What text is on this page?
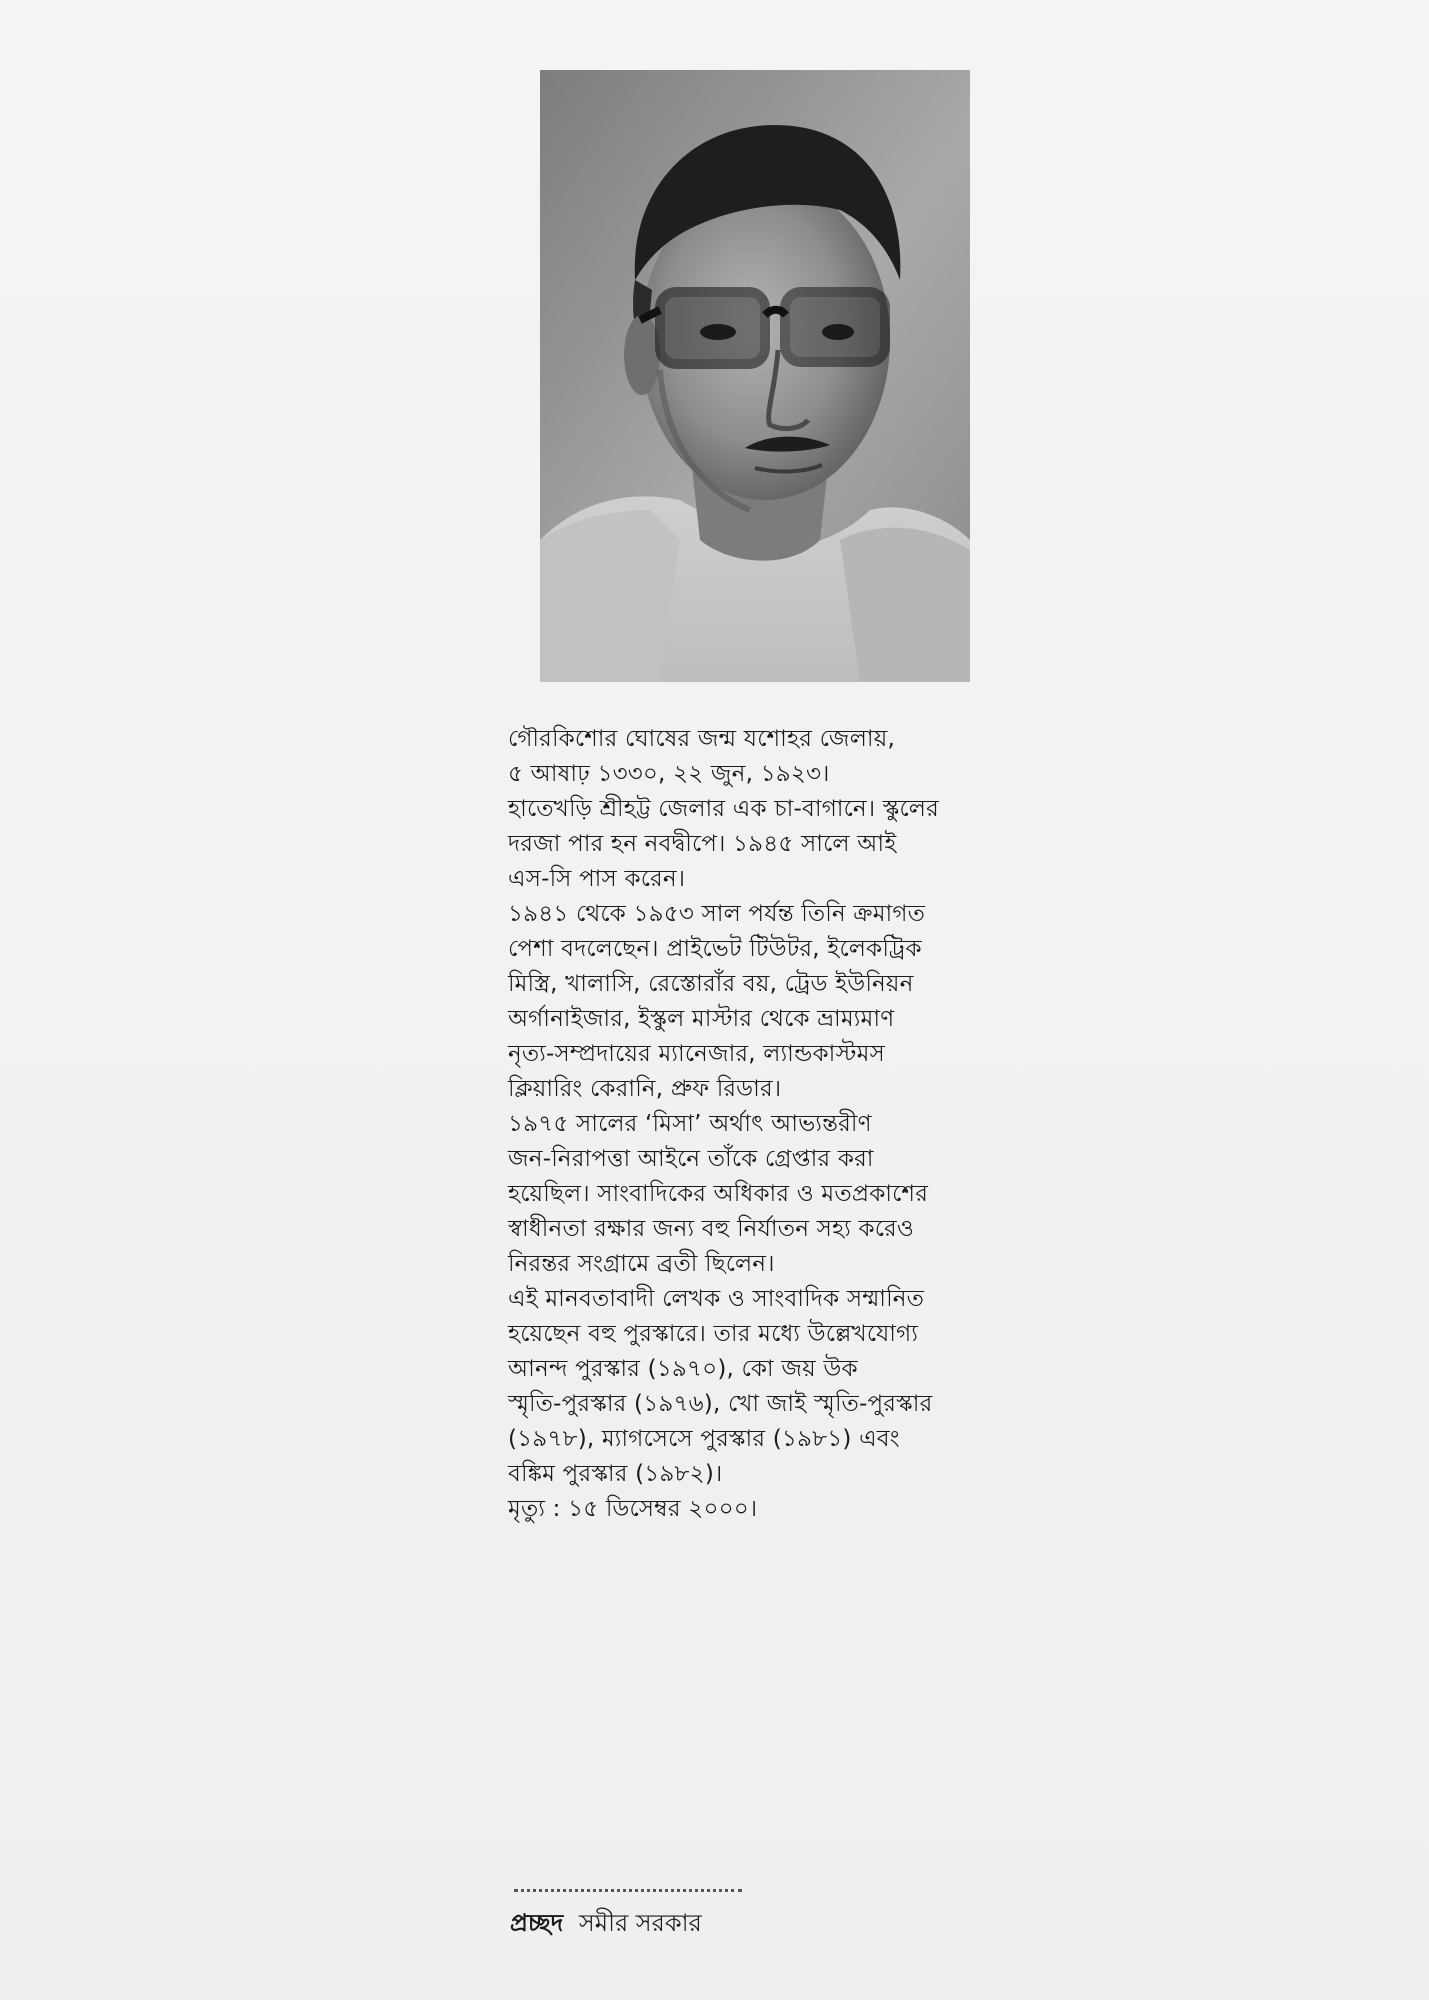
গৌরকিশোর ঘোষের জন্ম যশোহর জেলায়,
৫ আষাঢ় ১৩৩০, ২২ জুন, ১৯২৩।
হাতেখড়ি শ্রীহট্ট জেলার এক চা-বাগানে। স্কুলের
দরজা পার হন নবদ্বীপে। ১৯৪৫ সালে আই
এস-সি পাস করেন।
১৯৪১ থেকে ১৯৫৩ সাল পর্যন্ত তিনি ক্রমাগত
পেশা বদলেছেন। প্রাইভেট টিউটর, ইলেকট্রিক
মিস্ত্রি, খালাসি, রেস্তোরাঁর বয়, ট্রেড ইউনিয়ন
অর্গানাইজার, ইস্কুল মাস্টার থেকে ভ্রাম্যমাণ
নৃত্য-সম্প্রদায়ের ম্যানেজার, ল্যান্ডকাস্টমস
ক্লিয়ারিং কেরানি, প্রুফ রিডার।
১৯৭৫ সালের ‘মিসা’ অর্থাৎ আভ্যন্তরীণ
জন-নিরাপত্তা আইনে তাঁকে গ্রেপ্তার করা
হয়েছিল। সাংবাদিকের অধিকার ও মতপ্রকাশের
স্বাধীনতা রক্ষার জন্য বহু নির্যাতন সহ্য করেও
নিরন্তর সংগ্রামে ব্রতী ছিলেন।
এই মানবতাবাদী লেখক ও সাংবাদিক সম্মানিত
হয়েছেন বহু পুরস্কারে। তার মধ্যে উল্লেখযোগ্য
আনন্দ পুরস্কার (১৯৭০), কো জয় উক
স্মৃতি-পুরস্কার (১৯৭৬), খো জাই স্মৃতি-পুরস্কার
(১৯৭৮), ম্যাগসেসে পুরস্কার (১৯৮১) এবং
বঙ্কিম পুরস্কার (১৯৮২)।
মৃত্যু : ১৫ ডিসেম্বর ২০০০।
প্রচ্ছদ সমীর সরকার
